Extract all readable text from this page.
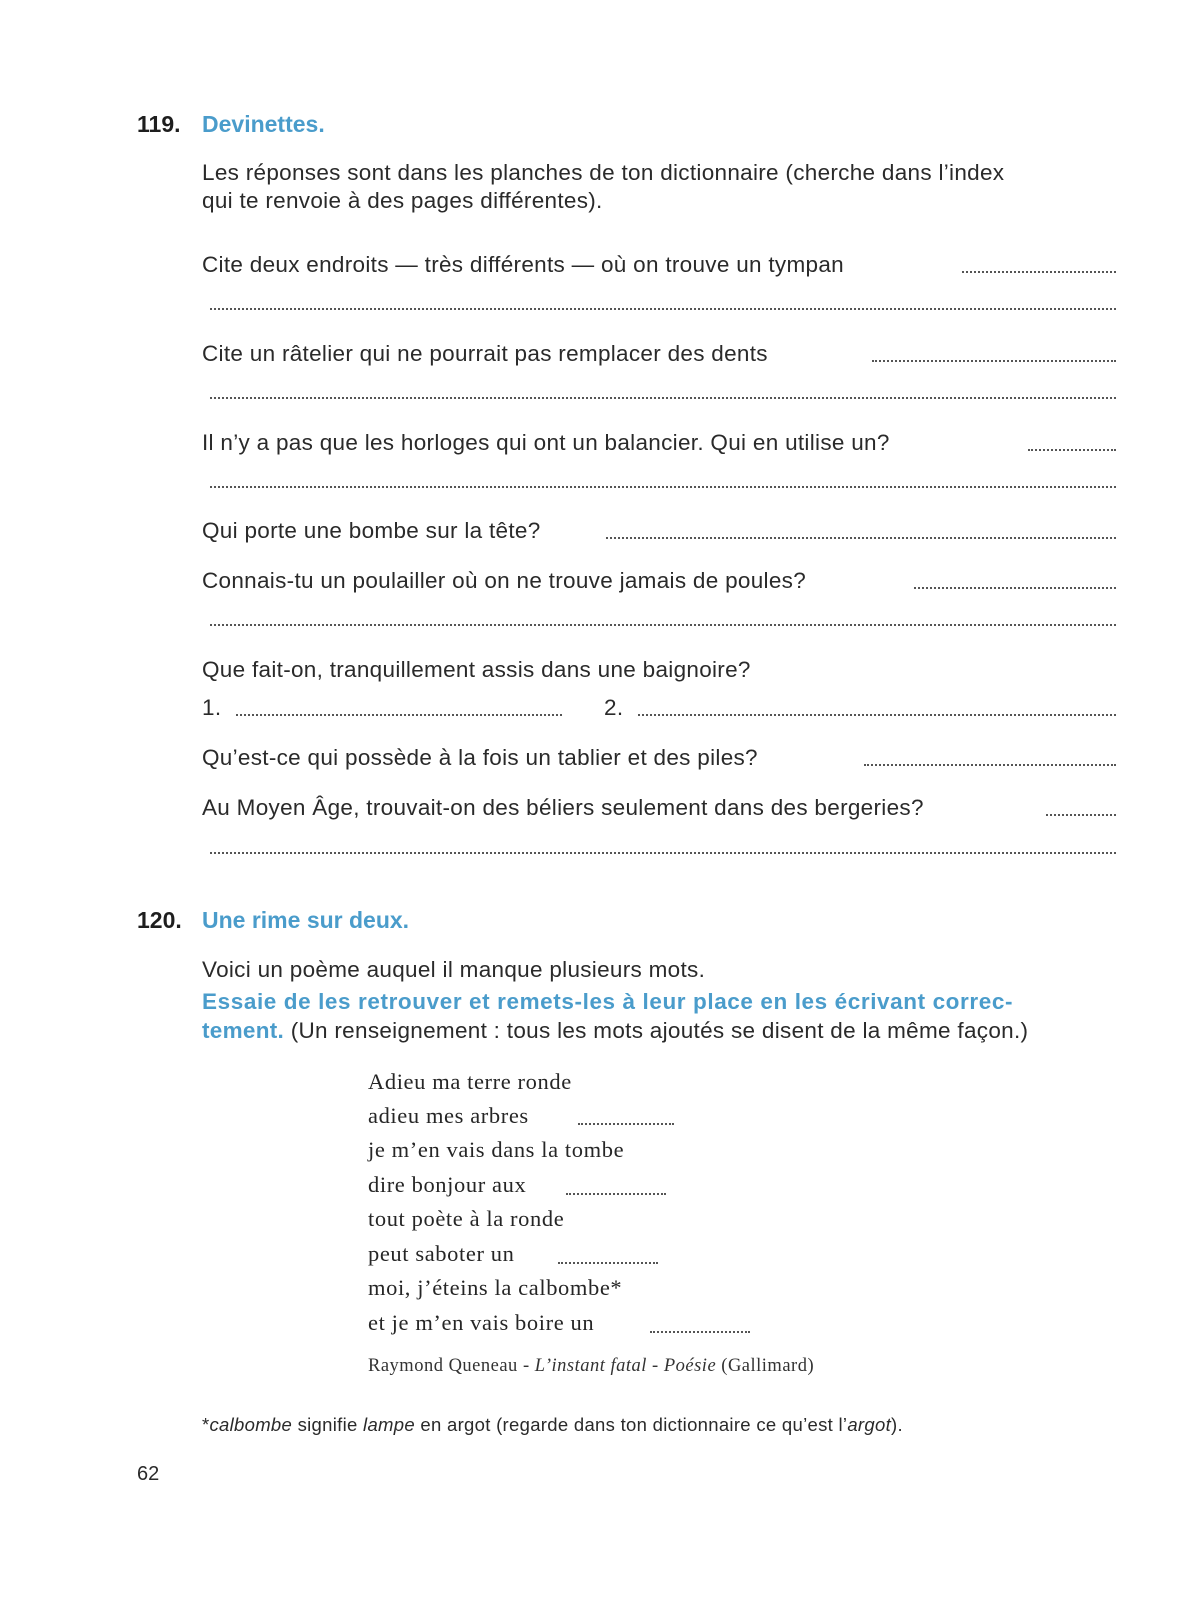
119. Devinettes.
Les réponses sont dans les planches de ton dictionnaire (cherche dans l’index
qui te renvoie à des pages différentes).
Cite deux endroits — très différents — où on trouve un tympan
Cite un râtelier qui ne pourrait pas remplacer des dents
Il n’y a pas que les horloges qui ont un balancier. Qui en utilise un?
Qui porte une bombe sur la tête?
Connais-tu un poulailler où on ne trouve jamais de poules?
Que fait-on, tranquillement assis dans une baignoire?
1.	2.
Qu’est-ce qui possède à la fois un tablier et des piles?
Au Moyen Âge, trouvait-on des béliers seulement dans des bergeries?
120. Une rime sur deux.
Voici un poème auquel il manque plusieurs mots.
Essaie de les retrouver et remets-les à leur place en les écrivant correc-
tement. (Un renseignement : tous les mots ajoutés se disent de la même façon.)
Adieu ma terre ronde
adieu mes arbres
je m’en vais dans la tombe
dire bonjour aux
tout poète à la ronde
peut saboter un
moi, j’éteins la calbombe*
et je m’en vais boire un
Raymond Queneau - L’instant fatal - Poésie (Gallimard)
*calbombe signifie lampe en argot (regarde dans ton dictionnaire ce qu’est l’argot).
62
